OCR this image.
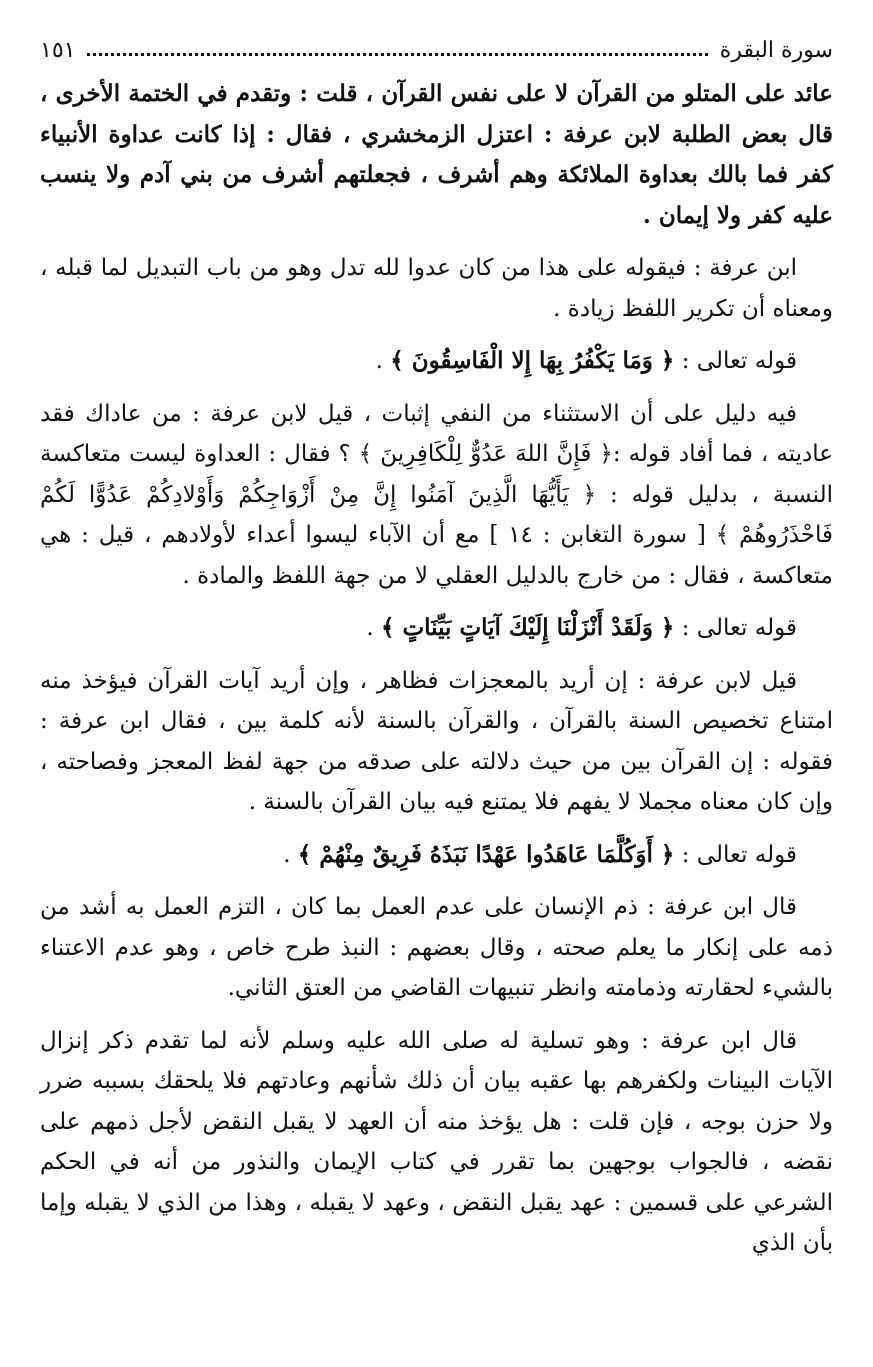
سورة البقرة
١٥١

عائد على المتلو من القرآن لا على نفس القرآن ، قلت : وتقدم في الختمة الأخرى ، قال بعض الطلبة لابن عرفة : اعتزل الزمخشري ، فقال : إذا كانت عداوة الأنبياء كفر فما بالك بعداوة الملائكة وهم أشرف ، فجعلتهم أشرف من بني آدم ولا ينسب عليه كفر ولا إيمان .

ابن عرفة : فيقوله على هذا من كان عدوا لله تدل وهو من باب التبديل لما قبله ، ومعناه أن تكرير اللفظ زيادة .

قوله تعالى : ﴿ وَمَا يَكْفُرُ بِهَا إِلا الْفَاسِقُونَ ﴾ .

فيه دليل على أن الاستثناء من النفي إثبات ، قيل لابن عرفة : من عاداك فقد عاديته ، فما أفاد قوله :﴿ فَإِنَّ اللهَ عَدُوٌّ لِلْكَافِرِينَ ﴾ ؟ فقال : العداوة ليست متعاكسة النسبة ، بدليل قوله : ﴿ يَأَيُّهَا الَّذِينَ آمَنُوا إِنَّ مِنْ أَزْوَاجِكُمْ وَأَوْلادِكُمْ عَدُوًّا لَكُمْ فَاحْذَرُوهُمْ ﴾ [ سورة التغابن : ١٤ ] مع أن الآباء ليسوا أعداء لأولادهم ، قيل : هي متعاكسة ، فقال : من خارج بالدليل العقلي لا من جهة اللفظ والمادة .

قوله تعالى : ﴿ وَلَقَدْ أَنْزَلْنَا إِلَيْكَ آيَاتٍ بَيِّنَاتٍ ﴾ .

قيل لابن عرفة : إن أريد بالمعجزات فظاهر ، وإن أريد آيات القرآن فيؤخذ منه امتناع تخصيص السنة بالقرآن ، والقرآن بالسنة لأنه كلمة بين ، فقال ابن عرفة : فقوله : إن القرآن بين من حيث دلالته على صدقه من جهة لفظ المعجز وفصاحته ، وإن كان معناه مجملا لا يفهم فلا يمتنع فيه بيان القرآن بالسنة .

قوله تعالى : ﴿ أَوَكُلَّمَا عَاهَدُوا عَهْدًا نَبَذَهُ فَرِيقٌ مِنْهُمْ ﴾ .

قال ابن عرفة : ذم الإنسان على عدم العمل بما كان ، التزم العمل به أشد من ذمه على إنكار ما يعلم صحته ، وقال بعضهم : النبذ طرح خاص ، وهو عدم الاعتناء بالشيء لحقارته وذمامته وانظر تنبيهات القاضي من العتق الثاني.

قال ابن عرفة : وهو تسلية له صلى الله عليه وسلم لأنه لما تقدم ذكر إنزال الآيات البينات ولكفرهم بها عقبه بيان أن ذلك شأنهم وعادتهم فلا يلحقك بسببه ضرر ولا حزن بوجه ، فإن قلت : هل يؤخذ منه أن العهد لا يقبل النقض لأجل ذمهم على نقضه ، فالجواب بوجهين بما تقرر في كتاب الإيمان والنذور من أنه في الحكم الشرعي على قسمين : عهد يقبل النقض ، وعهد لا يقبله ، وهذا من الذي لا يقبله وإما بأن الذي
